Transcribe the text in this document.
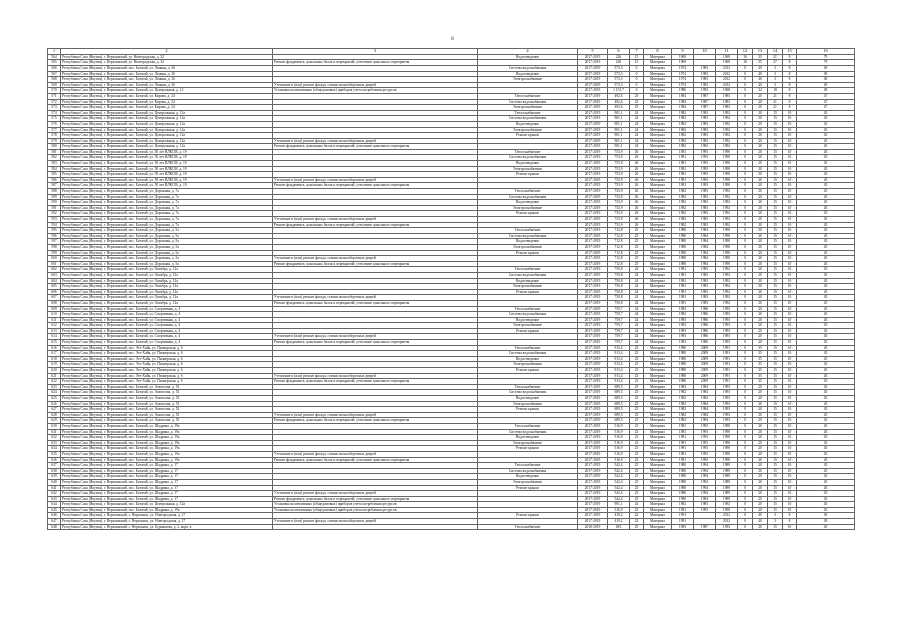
8
1	2	3	4	5	6	7	8	9	10	11	12	13	14	15	16
564	Республика Саха (Якутия), г. Верхоянский, ул. Новгородская, д. 32		Водоотведение	2017-2019	226	15	Материал	1969		1969	16	25	21	8	79
565	Республика Саха (Якутия), г. Верхоянский, ул. Новгородская, д. 32	Ремонт фундамента, цокольных балок и перекрытий, утепление цокольного перекрытия		2017-2019	226	15	Материал	1969		1969	16	25	27	8	79
566	Республика Саха (Якутия), г. Верхоянский, пос. Батагай, ул. Ленина, д. 36		Система водоснабжения	2017-2019	573,3	0	Материал	1974	1983	2012	0	40	3	8	49
567	Республика Саха (Якутия), г. Верхоянский, пос. Батагай, ул. Ленина, д. 36		Водоотведение	2017-2019	573,3	0	Материал	1974	1983	2012	0	40	3	8	49
568	Республика Саха (Якутия), г. Верхоянский, пос. Батагай, ул. Ленина, д. 36		Электроснабжение	2017-2019	573,3	0	Материал	1974	1983	2012	0	40	3	8	49
569	Республика Саха (Якутия), г. Верхоянский, пос. Батагай, ул. Ленина, д. 36	Утепление и (или) ремонт фасада, ставни полнооборотных дверей		2017-2019	573,3	0	Материал	1974	1983	2012	0	40	3	8	49
570	Республика Саха (Якутия), г. Верхоянский, пос. Батагай, ул. Центральная, д. 12	Установка коллективных (общедомовых) приборов учета потребления ресурсов		2017-2019	1 151,7	0	Материал	1986	1993	1968	0	34	18	8	48
571	Республика Саха (Якутия), г. Верхоянский, пос. Батагай, ул. Кирова, д. 24		Теплоснабжение	2017-2019	492,6	25	Материал	1984	1987	1983	0	20	21	8	47
572	Республика Саха (Якутия), г. Верхоянский, пос. Батагай, ул. Кирова, д. 24		Система водоснабжения	2017-2019	492,6	25	Материал	1984	1987	1983	0	20	21	8	47
573	Республика Саха (Якутия), г. Верхоянский, пос. Батагай, ул. Кирова, д. 24		Электроснабжение	2017-2019	492,6	25	Материал	1984	1987	1983	0	20	21	8	47
574	Республика Саха (Якутия), г. Верхоянский, пос. Батагай, ул. Центральная, д. 12а		Теплоснабжение	2017-2019	901,1	24	Материал	1982	1983	1992	0	20	15	10	45
575	Республика Саха (Якутия), г. Верхоянский, пос. Батагай, ул. Центральная, д. 12а		Система водоснабжения	2017-2019	901,1	24	Материал	1982	1983	1992	0	20	15	10	45
576	Республика Саха (Якутия), г. Верхоянский, пос. Батагай, ул. Центральная, д. 12а		Водоотведение	2017-2019	901,1	24	Материал	1982	1983	1992	0	20	15	10	45
577	Республика Саха (Якутия), г. Верхоянский, пос. Батагай, ул. Центральная, д. 12а		Электроснабжение	2017-2019	901,1	24	Материал	1982	1983	1992	0	20	15	10	45
578	Республика Саха (Якутия), г. Верхоянский, пос. Батагай, ул. Центральная, д. 12а		Ремонт крыши	2017-2019	901,1	24	Материал	1982	1983	1992	0	20	15	10	45
579	Республика Саха (Якутия), г. Верхоянский, пос. Батагай, ул. Центральная, д. 12а	Утепление и (или) ремонт фасада, ставни полнооборотных дверей		2017-2019	901,1	24	Материал	1982	1983	1992	0	20	15	10	45
580	Республика Саха (Якутия), г. Верхоянский, пос. Батагай, ул. Центральная, д. 12а	Ремонт фундамента, цокольных балок и перекрытий, утепление цокольного перекрытия		2017-2019	901,1	24	Материал	1982	1983	1992	0	20	15	10	45
581	Республика Саха (Якутия), г. Верхоянский, пос. Батагай, ул. 50 лет ВЛКСМ, д. 19		Теплоснабжение	2017-2019	753,9	26	Материал	1981	1993	1990	0	20	15	10	45
582	Республика Саха (Якутия), г. Верхоянский, пос. Батагай, ул. 50 лет ВЛКСМ, д. 19		Система водоснабжения	2017-2019	753,9	26	Материал	1981	1993	1990	0	20	15	10	45
583	Республика Саха (Якутия), г. Верхоянский, пос. Батагай, ул. 50 лет ВЛКСМ, д. 19		Водоотведение	2017-2019	753,9	26	Материал	1981	1993	1990	0	20	15	10	45
584	Республика Саха (Якутия), г. Верхоянский, пос. Батагай, ул. 50 лет ВЛКСМ, д. 19		Электроснабжение	2017-2019	753,9	26	Материал	1981	1993	1990	0	20	15	10	45
585	Республика Саха (Якутия), г. Верхоянский, пос. Батагай, ул. 50 лет ВЛКСМ, д. 19		Ремонт крыши	2017-2019	753,9	26	Материал	1981	1993	1990	0	20	15	10	45
586	Республика Саха (Якутия), г. Верхоянский, пос. Батагай, ул. 50 лет ВЛКСМ, д. 19	Утепление и (или) ремонт фасада, ставни полнооборотных дверей		2017-2019	753,9	26	Материал	1981	1993	1990	0	20	15	10	45
587	Республика Саха (Якутия), г. Верхоянский, пос. Батагай, ул. 50 лет ВЛКСМ, д. 19	Ремонт фундамента, цокольных балок и перекрытий, утепление цокольного перекрытия		2017-2019	753,9	26	Материал	1981	1993	1990	0	20	15	10	45
588	Республика Саха (Якутия), г. Верхоянский, пос. Батагай, ул. Дорожная, д. 7а		Теплоснабжение	2017-2019	733,9	26	Материал	1982	1983	1992	0	20	15	10	45
589	Республика Саха (Якутия), г. Верхоянский, пос. Батагай, ул. Дорожная, д. 7а		Система водоснабжения	2017-2019	733,9	26	Материал	1982	1983	1992	0	20	15	10	45
590	Республика Саха (Якутия), г. Верхоянский, пос. Батагай, ул. Дорожная, д. 7а		Водоотведение	2017-2019	733,9	26	Материал	1982	1983	1992	0	20	15	10	45
591	Республика Саха (Якутия), г. Верхоянский, пос. Батагай, ул. Дорожная, д. 7а		Электроснабжение	2017-2019	733,9	26	Материал	1982	1983	1992	0	20	15	10	45
592	Республика Саха (Якутия), г. Верхоянский, пос. Батагай, ул. Дорожная, д. 7а		Ремонт крыши	2017-2019	733,9	26	Материал	1982	1983	1992	0	20	15	10	45
593	Республика Саха (Якутия), г. Верхоянский, пос. Батагай, ул. Дорожная, д. 7а	Утепление и (или) ремонт фасада, ставни полнооборотных дверей		2017-2019	733,9	26	Материал	1982	1983	1992	0	20	15	10	45
594	Республика Саха (Якутия), г. Верхоянский, пос. Батагай, ул. Дорожная, д. 7а	Ремонт фундамента, цокольных балок и перекрытий, утепление цокольного перекрытия		2017-2019	733,9	26	Материал	1982	1983	1992	0	20	15	10	45
595	Республика Саха (Якутия), г. Верхоянский, пос. Батагай, ул. Дорожная, д. 5а		Теплоснабжение	2017-2019	712,8	25	Материал	1980	1984	1990	0	20	15	10	45
596	Республика Саха (Якутия), г. Верхоянский, пос. Батагай, ул. Дорожная, д. 5а		Система водоснабжения	2017-2019	712,8	25	Материал	1980	1984	1990	0	20	15	10	45
597	Республика Саха (Якутия), г. Верхоянский, пос. Батагай, ул. Дорожная, д. 5а		Водоотведение	2017-2019	712,8	25	Материал	1980	1984	1990	0	20	15	10	45
598	Республика Саха (Якутия), г. Верхоянский, пос. Батагай, ул. Дорожная, д. 5а		Электроснабжение	2017-2019	712,8	25	Материал	1980	1984	1990	0	20	15	10	45
599	Республика Саха (Якутия), г. Верхоянский, пос. Батагай, ул. Дорожная, д. 5а		Ремонт крыши	2017-2019	712,8	25	Материал	1980	1984	1990	0	20	15	10	45
600	Республика Саха (Якутия), г. Верхоянский, пос. Батагай, ул. Дорожная, д. 5а	Утепление и (или) ремонт фасада, ставни полнооборотных дверей		2017-2019	712,8	25	Материал	1980	1984	1990	0	20	15	10	45
601	Республика Саха (Якутия), г. Верхоянский, пос. Батагай, ул. Дорожная, д. 5а	Ремонт фундамента, цокольных балок и перекрытий, утепление цокольного перекрытия		2017-2019	712,8	25	Материал	1980	1984	1990	0	20	15	10	45
602	Республика Саха (Якутия), г. Верхоянский, пос. Батагай, ул. Октябрь, д. 12а		Теплоснабжение	2017-2019	750,8	24	Материал	1981	1983	1992	0	20	15	10	45
603	Республика Саха (Якутия), г. Верхоянский, пос. Батагай, ул. Октябрь, д. 12а		Система водоснабжения	2017-2019	750,8	24	Материал	1981	1983	1992	0	20	15	10	45
604	Республика Саха (Якутия), г. Верхоянский, пос. Батагай, ул. Октябрь, д. 12а		Водоотведение	2017-2019	750,8	24	Материал	1981	1983	1992	0	20	15	10	45
605	Республика Саха (Якутия), г. Верхоянский, пос. Батагай, ул. Октябрь, д. 12а		Электроснабжение	2017-2019	750,8	24	Материал	1981	1983	1992	0	20	15	10	45
606	Республика Саха (Якутия), г. Верхоянский, пос. Батагай, ул. Октябрь, д. 12а		Ремонт крыши	2017-2019	750,8	24	Материал	1981	1983	1992	0	20	15	10	45
607	Республика Саха (Якутия), г. Верхоянский, пос. Батагай, ул. Октябрь, д. 12а	Утепление и (или) ремонт фасада, ставни полнооборотных дверей		2017-2019	750,8	24	Материал	1981	1983	1992	0	20	15	10	45
608	Республика Саха (Якутия), г. Верхоянский, пос. Батагай, ул. Октябрь, д. 12а	Ремонт фундамента, цокольных балок и перекрытий, утепление цокольного перекрытия		2017-2019	750,8	24	Материал	1981	1983	1992	0	20	15	10	45
609	Республика Саха (Якутия), г. Верхоянский, пос. Батагай, ул. Спортивная, д. 4		Теплоснабжение	2017-2019	759,7	24	Материал	1983	1986	1993	0	20	15	10	45
610	Республика Саха (Якутия), г. Верхоянский, пос. Батагай, ул. Спортивная, д. 4		Система водоснабжения	2017-2019	759,7	24	Материал	1983	1986	1993	0	20	15	10	45
611	Республика Саха (Якутия), г. Верхоянский, пос. Батагай, ул. Спортивная, д. 4		Водоотведение	2017-2019	759,7	24	Материал	1983	1986	1993	0	20	15	10	45
612	Республика Саха (Якутия), г. Верхоянский, пос. Батагай, ул. Спортивная, д. 4		Электроснабжение	2017-2019	759,7	24	Материал	1983	1986	1993	0	20	15	10	45
613	Республика Саха (Якутия), г. Верхоянский, пос. Батагай, ул. Спортивная, д. 4		Ремонт крыши	2017-2019	759,7	24	Материал	1983	1986	1993	0	20	15	10	45
614	Республика Саха (Якутия), г. Верхоянский, пос. Батагай, ул. Спортивная, д. 4	Утепление и (или) ремонт фасада, ставни полнооборотных дверей		2017-2019	759,7	24	Материал	1983	1986	1993	0	20	15	10	45
615	Республика Саха (Якутия), г. Верхоянский, пос. Батагай, ул. Спортивная, д. 4	Ремонт фундамента, цокольных балок и перекрытий, утепление цокольного перекрытия		2017-2019	759,7	24	Материал	1983	1986	1993	0	20	15	10	45
616	Республика Саха (Якутия), г. Верхоянский, пос. Эге-Хайя, ул. Пионерская, д. 6		Теплоснабжение	2017-2019	913,4	23	Материал	1980	2009	1991	0	35	15	10	45
617	Республика Саха (Якутия), г. Верхоянский, пос. Эге-Хайя, ул. Пионерская, д. 6		Система водоснабжения	2017-2019	913,4	23	Материал	1980	2009	1991	0	35	15	10	45
618	Республика Саха (Якутия), г. Верхоянский, пос. Эге-Хайя, ул. Пионерская, д. 6		Водоотведение	2017-2019	913,4	23	Материал	1980	2009	1991	0	35	15	10	45
619	Республика Саха (Якутия), г. Верхоянский, пос. Эге-Хайя, ул. Пионерская, д. 6		Электроснабжение	2017-2019	913,4	23	Материал	1980	2009	1991	0	35	15	10	45
620	Республика Саха (Якутия), г. Верхоянский, пос. Эге-Хайя, ул. Пионерская, д. 6		Ремонт крыши	2017-2019	913,4	23	Материал	1980	2009	1991	0	35	15	10	45
621	Республика Саха (Якутия), г. Верхоянский, пос. Эге-Хайя, ул. Пионерская, д. 6	Утепление и (или) ремонт фасада, ставни полнооборотных дверей		2017-2019	913,4	23	Материал	1980	2009	1991	0	35	15	10	45
622	Республика Саха (Якутия), г. Верхоянский, пос. Эге-Хайя, ул. Пионерская, д. 6	Ремонт фундамента, цокольных балок и перекрытий, утепление цокольного перекрытия		2017-2019	913,4	23	Материал	1980	2009	1991	0	35	15	10	45
623	Республика Саха (Якутия), г. Верхоянский, пос. Батагай, ул. Аммосова, д. 53		Теплоснабжение	2017-2019	689,5	25	Материал	1982	1984	1993	0	20	15	10	45
624	Республика Саха (Якутия), г. Верхоянский, пос. Батагай, ул. Аммосова, д. 53		Система водоснабжения	2017-2019	689,5	25	Материал	1982	1984	1993	0	20	15	10	45
625	Республика Саха (Якутия), г. Верхоянский, пос. Батагай, ул. Аммосова, д. 53		Водоотведение	2017-2019	689,5	25	Материал	1982	1984	1993	0	20	15	10	45
626	Республика Саха (Якутия), г. Верхоянский, пос. Батагай, ул. Аммосова, д. 53		Электроснабжение	2017-2019	689,5	25	Материал	1982	1984	1993	0	20	15	10	45
627	Республика Саха (Якутия), г. Верхоянский, пос. Батагай, ул. Аммосова, д. 53		Ремонт крыши	2017-2019	689,5	25	Материал	1982	1984	1993	0	20	15	10	45
628	Республика Саха (Якутия), г. Верхоянский, пос. Батагай, ул. Аммосова, д. 53	Утепление и (или) ремонт фасада, ставни полнооборотных дверей		2017-2019	689,5	25	Материал	1982	1984	1993	0	20	15	10	45
629	Республика Саха (Якутия), г. Верхоянский, пос. Батагай, ул. Аммосова, д. 53	Ремонт фундамента, цокольных балок и перекрытий, утепление цокольного перекрытия		2017-2019	689,5	25	Материал	1982	1984	1993	0	20	15	10	45
630	Республика Саха (Якутия), г. Верхоянский, пос. Батагай, ул. Шадрина, д. 19а		Теплоснабжение	2017-2019	516,9	23	Материал	1981	1993	1990	0	20	15	10	45
631	Республика Саха (Якутия), г. Верхоянский, пос. Батагай, ул. Шадрина, д. 19а		Система водоснабжения	2017-2019	516,9	23	Материал	1981	1993	1990	0	20	15	10	45
632	Республика Саха (Якутия), г. Верхоянский, пос. Батагай, ул. Шадрина, д. 19а		Водоотведение	2017-2019	516,9	23	Материал	1981	1993	1990	0	20	15	10	45
633	Республика Саха (Якутия), г. Верхоянский, пос. Батагай, ул. Шадрина, д. 19а		Электроснабжение	2017-2019	516,9	23	Материал	1981	1993	1990	0	20	15	10	45
634	Республика Саха (Якутия), г. Верхоянский, пос. Батагай, ул. Шадрина, д. 19а		Ремонт крыши	2017-2019	516,9	23	Материал	1981	1993	1990	0	20	15	10	45
635	Республика Саха (Якутия), г. Верхоянский, пос. Батагай, ул. Шадрина, д. 19а	Утепление и (или) ремонт фасада, ставни полнооборотных дверей		2017-2019	516,9	23	Материал	1981	1993	1990	0	20	15	10	45
636	Республика Саха (Якутия), г. Верхоянский, пос. Батагай, ул. Шадрина, д. 19а	Ремонт фундамента, цокольных балок и перекрытий, утепление цокольного перекрытия		2017-2019	516,9	23	Материал	1981	1993	1990	0	20	15	10	45
637	Республика Саха (Якутия), г. Верхоянский, пос. Батагай, ул. Шадрина, д. 17		Теплоснабжение	2017-2019	542,4	25	Материал	1980	1994	1989	0	20	15	10	45
638	Республика Саха (Якутия), г. Верхоянский, пос. Батагай, ул. Шадрина, д. 17		Система водоснабжения	2017-2019	542,4	25	Материал	1980	1994	1989	0	20	15	10	45
639	Республика Саха (Якутия), г. Верхоянский, пос. Батагай, ул. Шадрина, д. 17		Водоотведение	2017-2019	542,4	25	Материал	1980	1994	1989	0	20	15	10	45
640	Республика Саха (Якутия), г. Верхоянский, пос. Батагай, ул. Шадрина, д. 17		Электроснабжение	2017-2019	542,4	25	Материал	1980	1994	1989	0	20	15	10	45
641	Республика Саха (Якутия), г. Верхоянский, пос. Батагай, ул. Шадрина, д. 17		Ремонт крыши	2017-2019	542,4	25	Материал	1980	1994	1989	0	20	15	10	45
642	Республика Саха (Якутия), г. Верхоянский, пос. Батагай, ул. Шадрина, д. 17	Утепление и (или) ремонт фасада, ставни полнооборотных дверей		2017-2019	542,4	25	Материал	1980	1994	1989	0	20	15	10	45
643	Республика Саха (Якутия), г. Верхоянский, пос. Батагай, ул. Шадрина, д. 17	Ремонт фундамента, цокольных балок и перекрытий, утепление цокольного перекрытия		2017-2019	542,4	25	Материал	1980	1994	1989	0	20	15	10	45
644	Республика Саха (Якутия), г. Верхоянский, пос. Батагай, ул. Центральная, д. 12а	Установка коллективных (общедомовых) приборов учета потребления ресурсов		2017-2019	901,1	24	Материал	1982	1983	1992	0	20	15	10	45
645	Республика Саха (Якутия), г. Верхоянский, пос. Батагай, ул. Шадрина, д. 19а	Установка коллективных (общедомовых) приборов учета потребления ресурсов		2017-2019	516,9	23	Материал	1981	1993	1990	0	20	15	10	45
646	Республика Саха (Якутия), г. Верхоянский, с. Верхоянск, ул. Новгородская, д. 27		Ремонт крыши	2017-2019	419,2	22	Материал	1991		2012	0	40	3	8	49
647	Республика Саха (Якутия), г. Верхоянский, с. Верхоянск, ул. Новгородская, д. 27	Утепление и (или) ремонт фасада, ставни полнооборотных дверей		2017-2019	419,2	22	Материал	1991		2012	0	40	3	8	49
648	Республика Саха (Якутия), г. Верхоянский, с. Верхоянск, ул. Бурнашева, д. 2, корп. а		Теплоснабжение	2018-2019	681	25	Материал	1983	1987	1993	0	20	15	10	45
